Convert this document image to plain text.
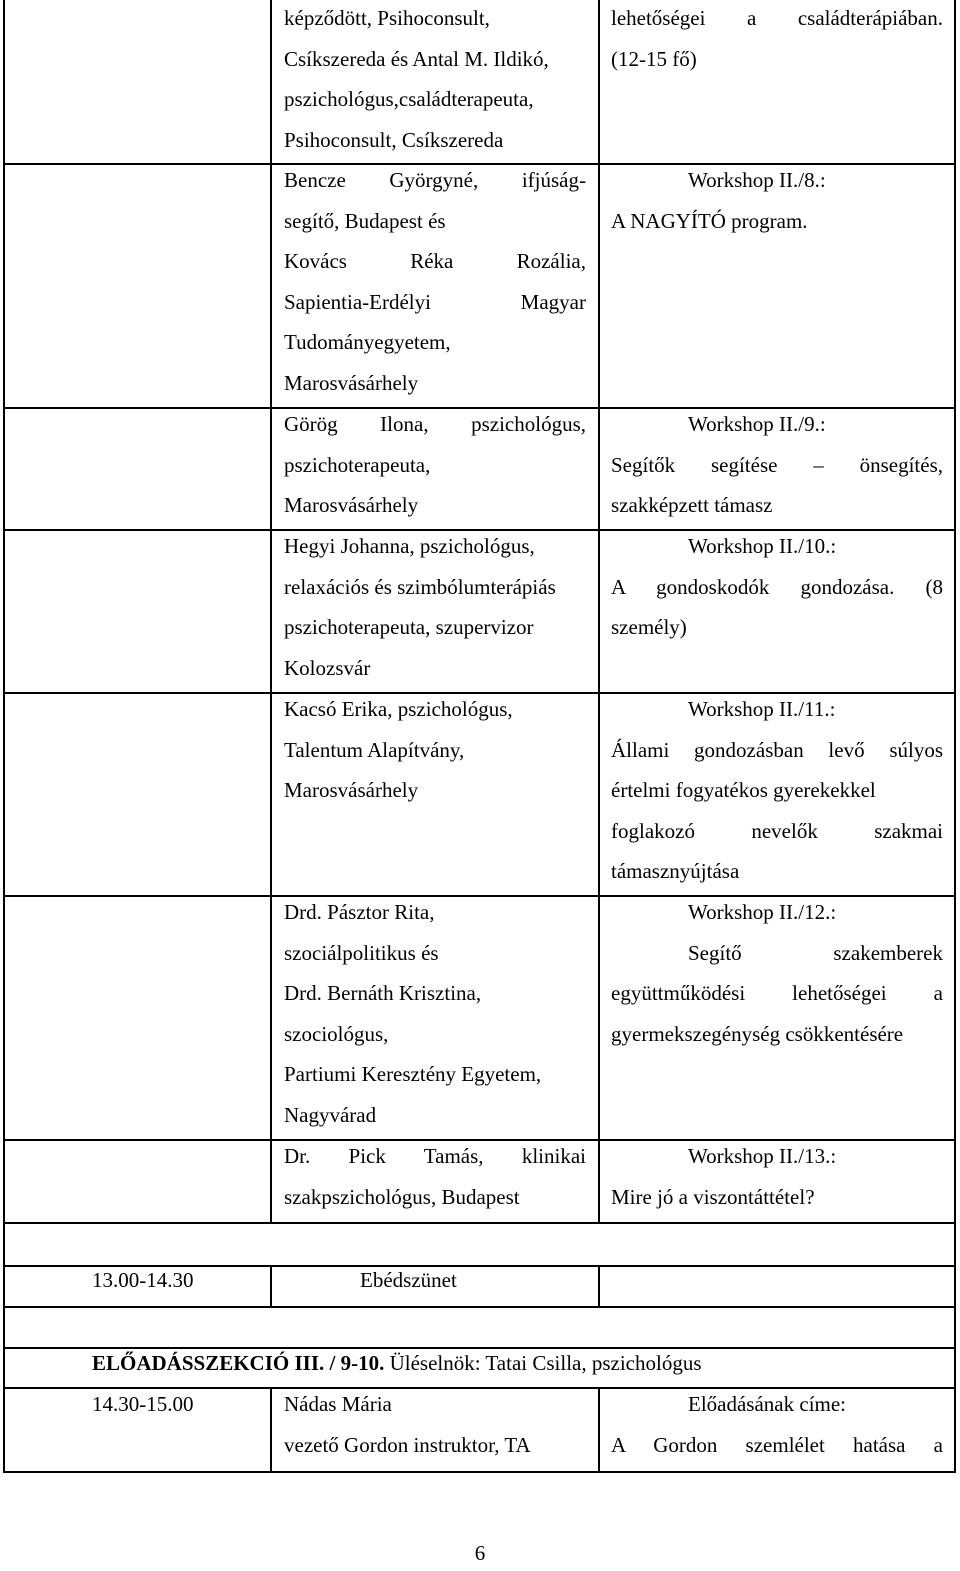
képződött, Psihoconsult,
Csíkszereda és Antal M. Ildikó,
pszichológus,családterapeuta,
Psihoconsult, Csíkszereda
lehetőségei a családterápiában.
(12-15 fő)
Bencze Györgyné, ifjúság-
segítő, Budapest és
Kovács Réka Rozália,
Sapientia-Erdélyi Magyar
Tudományegyetem,
Marosvásárhely
Workshop II./8.:
A NAGYÍTÓ program.
Görög Ilona, pszichológus,
pszichoterapeuta,
Marosvásárhely
Workshop II./9.:
Segítők segítése – önsegítés,
szakképzett támasz
Hegyi Johanna, pszichológus,
relaxációs és szimbólumterápiás
pszichoterapeuta, szupervizor
Kolozsvár
Workshop II./10.:
A gondoskodók gondozása. (8
személy)
Kacsó Erika, pszichológus,
Talentum Alapítvány,
Marosvásárhely
Workshop II./11.:
Állami gondozásban levő súlyos
értelmi fogyatékos gyerekekkel
foglakozó nevelők szakmai
támasznyújtása
Drd. Pásztor Rita,
szociálpolitikus és
Drd. Bernáth Krisztina,
szociológus,
Partiumi Keresztény Egyetem,
Nagyvárad
Workshop II./12.:
Segítő szakemberek
együttműködési lehetőségei a
gyermekszegénység csökkentésére
Dr. Pick Tamás, klinikai
szakpszichológus, Budapest
Workshop II./13.:
Mire jó a viszontáttétel?
13.00-14.30	Ebédszünet
ELŐADÁSSZEKCIÓ III. / 9-10. Üléselnök: Tatai Csilla, pszichológus
14.30-15.00	Nádas Mária
vezető Gordon instruktor, TA
Előadásának címe:
A Gordon szemlélet hatása a
6
